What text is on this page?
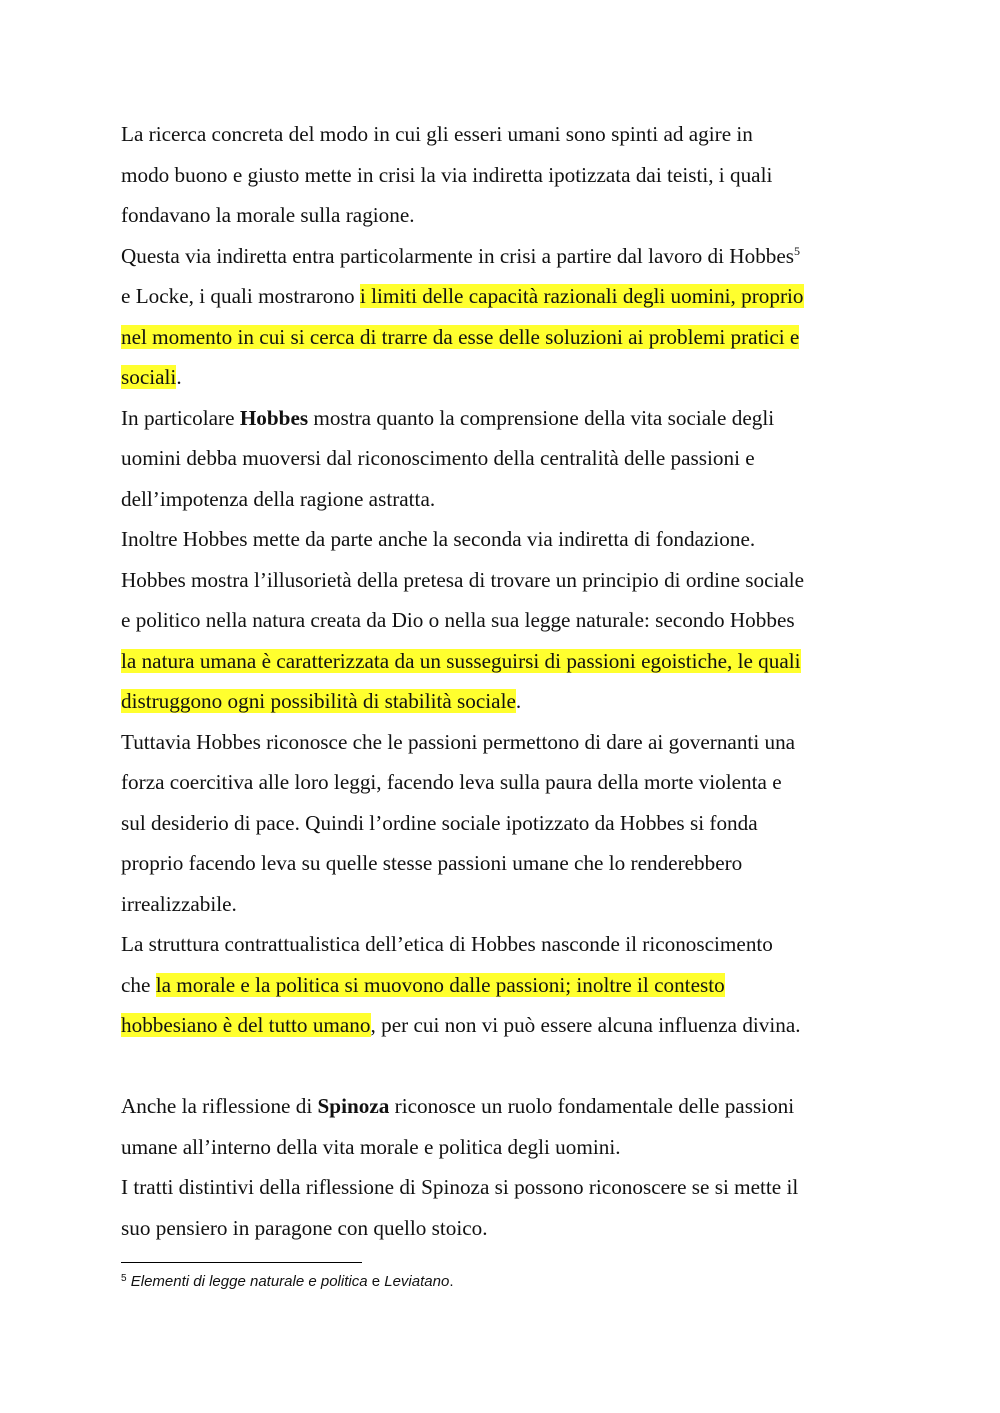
La ricerca concreta del modo in cui gli esseri umani sono spinti ad agire in

modo buono e giusto mette in crisi la via indiretta ipotizzata dai teisti, i quali

fondavano la morale sulla ragione.

Questa via indiretta entra particolarmente in crisi a partire dal lavoro di Hobbes$^5$

e Locke, i quali mostrarono i limiti delle capacità razionali degli uomini, proprio

nel momento in cui si cerca di trarre da esse delle soluzioni ai problemi pratici e

sociali.

In particolare Hobbes mostra quanto la comprensione della vita sociale degli

uomini debba muoversi dal riconoscimento della centralità delle passioni e

dell’impotenza della ragione astratta.

Inoltre Hobbes mette da parte anche la seconda via indiretta di fondazione.

Hobbes mostra l’illusorietà della pretesa di trovare un principio di ordine sociale

e politico nella natura creata da Dio o nella sua legge naturale: secondo Hobbes

la natura umana è caratterizzata da un susseguirsi di passioni egoistiche, le quali

distruggono ogni possibilità di stabilità sociale.

Tuttavia Hobbes riconosce che le passioni permettono di dare ai governanti una

forza coercitiva alle loro leggi, facendo leva sulla paura della morte violenta e

sul desiderio di pace. Quindi l’ordine sociale ipotizzato da Hobbes si fonda

proprio facendo leva su quelle stesse passioni umane che lo renderebbero

irrealizzabile.

La struttura contrattualistica dell’etica di Hobbes nasconde il riconoscimento

che la morale e la politica si muovono dalle passioni; inoltre il contesto

hobbesiano è del tutto umano, per cui non vi può essere alcuna influenza divina.

Anche la riflessione di Spinoza riconosce un ruolo fondamentale delle passioni

umane all’interno della vita morale e politica degli uomini.

I tratti distintivi della riflessione di Spinoza si possono riconoscere se si mette il

suo pensiero in paragone con quello stoico.

$^5$ Elementi di legge naturale e politica e Leviatano.
